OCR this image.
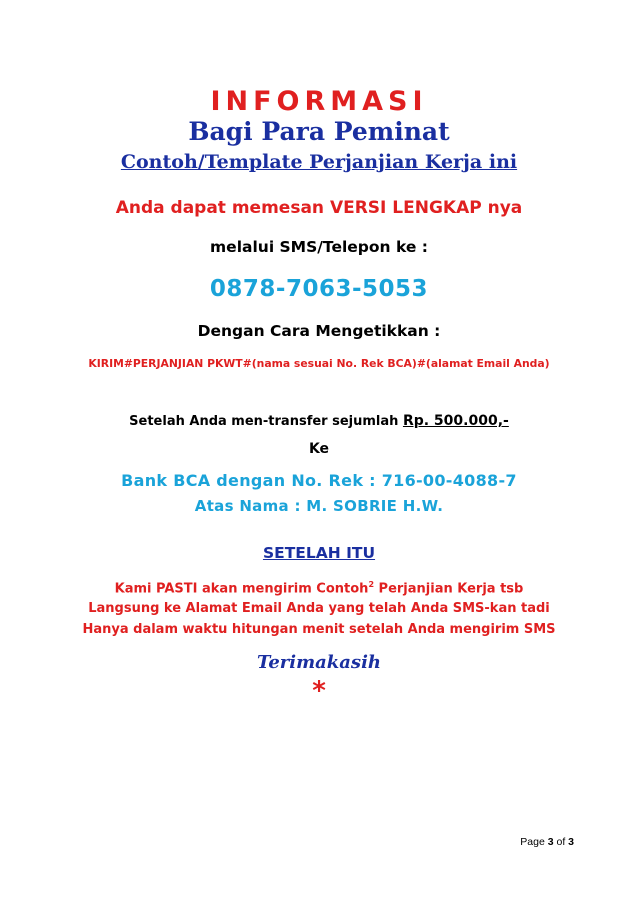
INFORMASI
Bagi Para Peminat
Contoh/Template Perjanjian Kerja ini
Anda dapat memesan VERSI LENGKAP nya
melalui SMS/Telepon ke :
0878-7063-5053
Dengan Cara Mengetikkan :
KIRIM#PERJANJIAN PKWT#(nama sesuai No. Rek BCA)#(alamat Email Anda)
Setelah Anda men-transfer sejumlah Rp. 500.000,-
Ke
Bank BCA dengan No. Rek : 716-00-4088-7
Atas Nama : M. SOBRIE H.W.
SETELAH ITU
Kami PASTI akan mengirim Contoh$^2$ Perjanjian Kerja tsb
Langsung ke Alamat Email Anda yang telah Anda SMS-kan tadi
Hanya dalam waktu hitungan menit setelah Anda mengirim SMS
Terimakasih
*
Page 3 of 3
